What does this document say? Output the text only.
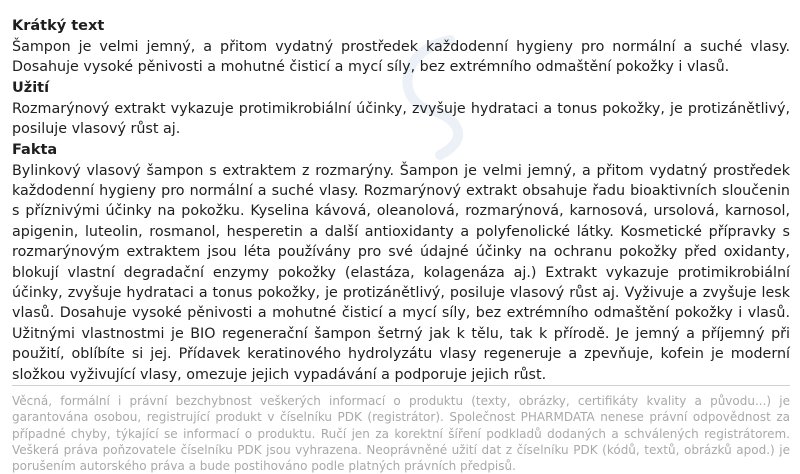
Krátký text

Šampon je velmi jemný, a přitom vydatný prostředek každodenní hygieny pro normální a suché vlasy. Dosahuje vysoké pěnivosti a mohutné čisticí a mycí síly, bez extrémního odmaštění pokožky i vlasů.

Užití

Rozmarýnový extrakt vykazuje protimikrobiální účinky, zvyšuje hydrataci a tonus pokožky, je protizánětlivý, posiluje vlasový růst aj.

Fakta

Bylinkový vlasový šampon s extraktem z rozmarýny. Šampon je velmi jemný, a přitom vydatný prostředek každodenní hygieny pro normální a suché vlasy. Rozmarýnový extrakt obsahuje řadu bioaktivních sloučenin s příznivými účinky na pokožku. Kyselina kávová, oleanolová, rozmarýnová, karnosová, ursolová, karnosol, apigenin, luteolin, rosmanol, hesperetin a další antioxidanty a polyfenolické látky. Kosmetické přípravky s rozmarýnovým extraktem jsou léta používány pro své údajné účinky na ochranu pokožky před oxidanty, blokují vlastní degradační enzymy pokožky (elastáza, kolagenáza aj.) Extrakt vykazuje protimikrobiální účinky, zvyšuje hydrataci a tonus pokožky, je protizánětlivý, posiluje vlasový růst aj. Vyživuje a zvyšuje lesk vlasů. Dosahuje vysoké pěnivosti a mohutné čisticí a mycí síly, bez extrémního odmaštění pokožky i vlasů. Užitnými vlastnostmi je BIO regenerační šampon šetrný jak k tělu, tak k přírodě. Je jemný a příjemný při použití, oblíbíte si jej. Přídavek keratinového hydrolyzátu vlasy regeneruje a zpevňuje, kofein je moderní složkou vyživující vlasy, omezuje jejich vypadávání a podporuje jejich růst.

Věcná, formální i právní bezchybnost veškerých informací o produktu (texty, obrázky, certifikáty kvality a původu...) je garantována osobou, registrující produkt v číselníku PDK (registrátor). Společnost PHARMDATA nenese právní odpovědnost za případné chyby, týkající se informací o produktu. Ručí jen za korektní šíření podkladů dodaných a schválených registrátorem. Veškerá práva poňzovatele číselníku PDK jsou vyhrazena. Neoprávněné užití dat z číselníku PDK (kódů, textů, obrázků apod.) je porušením autorského práva a bude postihováno podle platných právních předpisů.
